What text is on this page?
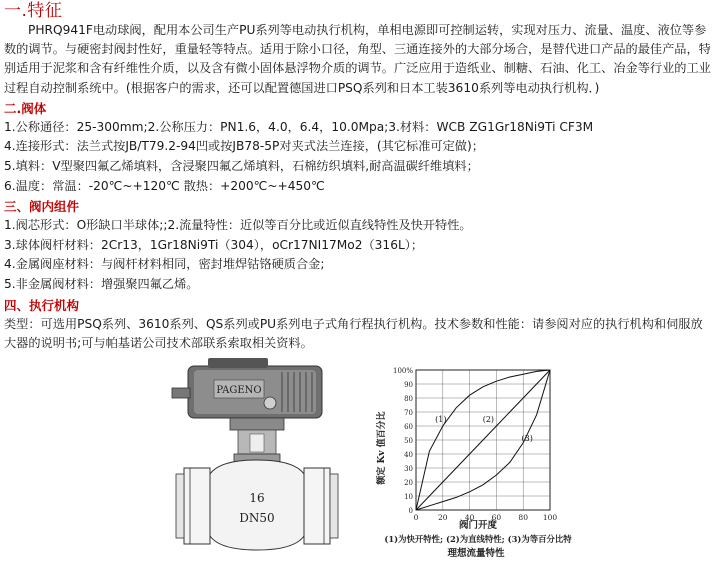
一.特征

PHRQ941F电动球阀，配用本公司生产PU系列等电动执行机构，单相电源即可控制运转，实现对压力、流量、温度、液位等参数的调节。与硬密封阀封性好，重量轻等特点。适用于除小口径，角型、三通连接外的大部分场合，是替代进口产品的最佳产品，特别适用于泥浆和含有纤维性介质，以及含有微小固体悬浮物介质的调节。广泛应用于造纸业、制糖、石油、化工、冶金等行业的工业过程自动控制系统中。(根据客户的需求，还可以配置德国进口PSQ系列和日本工装3610系列等电动执行机构．)

二.阀体

1.公称通径：25-300mm;2.公称压力：PN1.6，4.0，6.4，10.0Mpa;3.材料：WCB ZG1Gr18Ni9Ti CF3M

4.连接形式：法兰式按JB/T79.2-94凹或按JB78-5P对夹式法兰连接，(其它标准可定做)；

5.填料：V型聚四氟乙烯填料，含浸聚四氟乙烯填料，石棉纺织填料,耐高温碳纤维填料；

6.温度：常温：-20℃~+120℃ 散热：+200℃~+450℃

三、阀内组件

1.阀芯形式：O形缺口半球体;;2.流量特性：近似等百分比或近似直线特性及快开特性。

3.球体阀杆材料：2Cr13，1Gr18Ni9Ti（304），oCr17NI17Mo2（316L）；

4.金属阀座材料：与阀杆材料相同，密封堆焊钴铬硬质合金;

5.非金属阀材料：增强聚四氟乙烯。

四、执行机构

类型：可选用PSQ系列、3610系列、QS系列或PU系列电子式角行程执行机构。技术参数和性能：请参阅对应的执行机构和伺服放大器的说明书;可与帕基诺公司技术部联系索取相关资料。

PAGENO
16
DN50
100%
90
80
70
60
50
40
30
20
10
0
0	20 40 60 80 100
(1)	(2)
(3)
额定 Kv 值百分比
阀门开度
(1)为快开特性; (2)为直线特性; (3)为等百分比特
理想流量特性
